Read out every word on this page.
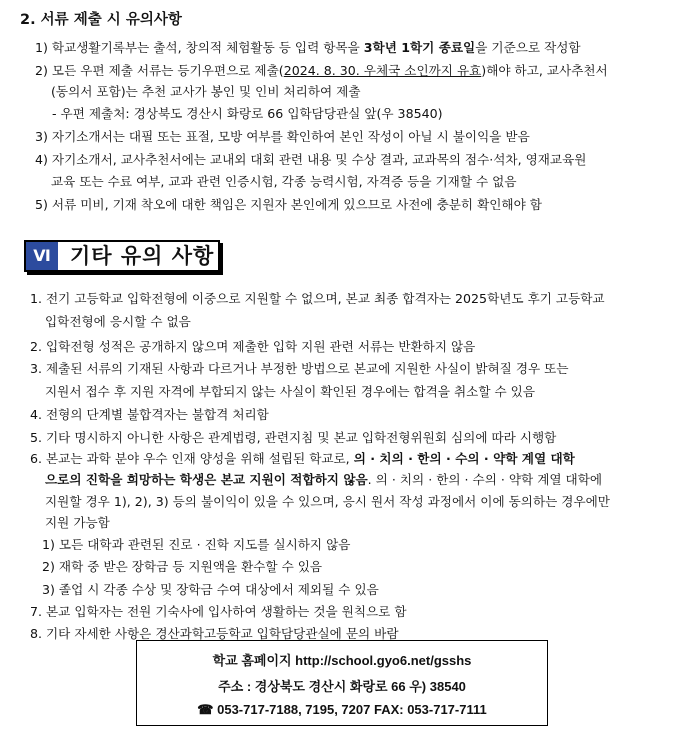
2. 서류 제출 시 유의사항
1) 학교생활기록부는 출석, 창의적 체험활동 등 입력 항목을 3학년 1학기 종료일을 기준으로 작성함
2) 모든 우편 제출 서류는 등기우편으로 제출(2024. 8. 30. 우체국 소인까지 유효)해야 하고, 교사추천서
(동의서 포함)는 추천 교사가 봉인 및 인비 처리하여 제출
- 우편 제출처: 경상북도 경산시 화랑로 66 입학담당관실 앞(우 38540)
3) 자기소개서는 대필 또는 표절, 모방 여부를 확인하여 본인 작성이 아닐 시 불이익을 받음
4) 자기소개서, 교사추천서에는 교내외 대회 관련 내용 및 수상 결과, 교과목의 점수·석차, 영재교육원
교육 또는 수료 여부, 교과 관련 인증시험, 각종 능력시험, 자격증 등을 기재할 수 없음
5) 서류 미비, 기재 착오에 대한 책임은 지원자 본인에게 있으므로 사전에 충분히 확인해야 함
Ⅵ 기타 유의 사항
1. 전기 고등학교 입학전형에 이중으로 지원할 수 없으며, 본교 최종 합격자는 2025학년도 후기 고등학교
입학전형에 응시할 수 없음
2. 입학전형 성적은 공개하지 않으며 제출한 입학 지원 관련 서류는 반환하지 않음
3. 제출된 서류의 기재된 사항과 다르거나 부정한 방법으로 본교에 지원한 사실이 밝혀질 경우 또는
지원서 접수 후 지원 자격에 부합되지 않는 사실이 확인된 경우에는 합격을 취소할 수 있음
4. 전형의 단계별 불합격자는 불합격 처리함
5. 기타 명시하지 아니한 사항은 관계법령, 관련지침 및 본교 입학전형위원회 심의에 따라 시행함
6. 본교는 과학 분야 우수 인재 양성을 위해 설립된 학교로, 의 · 치의 · 한의 · 수의 · 약학 계열 대학
으로의 진학을 희망하는 학생은 본교 지원이 적합하지 않음. 의 · 치의 · 한의 · 수의 · 약학 계열 대학에
지원할 경우 1), 2), 3) 등의 불이익이 있을 수 있으며, 응시 원서 작성 과정에서 이에 동의하는 경우에만
지원 가능함
1) 모든 대학과 관련된 진로 · 진학 지도를 실시하지 않음
2) 재학 중 받은 장학금 등 지원액을 환수할 수 있음
3) 졸업 시 각종 수상 및 장학금 수여 대상에서 제외될 수 있음
7. 본교 입학자는 전원 기숙사에 입사하여 생활하는 것을 원칙으로 함
8. 기타 자세한 사항은 경산과학고등학교 입학담당관실에 문의 바람
학교 홈페이지 http://school.gyo6.net/gsshs
주소 : 경상북도 경산시 화랑로 66 우) 38540
☎ 053-717-7188, 7195, 7207 FAX: 053-717-7111
